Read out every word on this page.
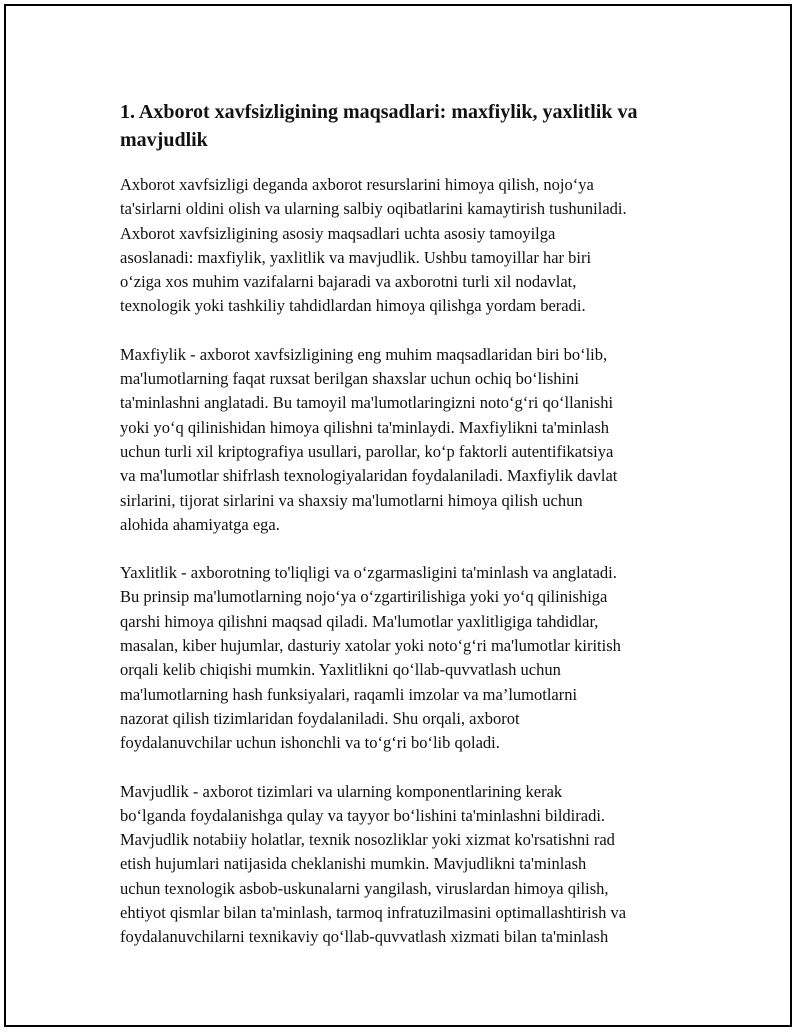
1. Axborot xavfsizligining maqsadlari: maxfiylik, yaxlitlik va mavjudlik

Axborot xavfsizligi deganda axborot resurslarini himoya qilish, nojo‘ya
ta'sirlarni oldini olish va ularning salbiy oqibatlarini kamaytirish tushuniladi.
Axborot xavfsizligining asosiy maqsadlari uchta asosiy tamoyilga
asoslanadi: maxfiylik, yaxlitlik va mavjudlik. Ushbu tamoyillar har biri
o‘ziga xos muhim vazifalarni bajaradi va axborotni turli xil nodavlat,
texnologik yoki tashkiliy tahdidlardan himoya qilishga yordam beradi.

Maxfiylik - axborot xavfsizligining eng muhim maqsadlaridan biri bo‘lib,
ma'lumotlarning faqat ruxsat berilgan shaxslar uchun ochiq bo‘lishini
ta'minlashni anglatadi. Bu tamoyil ma'lumotlaringizni noto‘g‘ri qo‘llanishi
yoki yo‘q qilinishidan himoya qilishni ta'minlaydi. Maxfiylikni ta'minlash
uchun turli xil kriptografiya usullari, parollar, ko‘p faktorli autentifikatsiya
va ma'lumotlar shifrlash texnologiyalaridan foydalaniladi. Maxfiylik davlat
sirlarini, tijorat sirlarini va shaxsiy ma'lumotlarni himoya qilish uchun
alohida ahamiyatga ega.

Yaxlitlik - axborotning to'liqligi va o‘zgarmasligini ta'minlash va anglatadi.
Bu prinsip ma'lumotlarning nojo‘ya o‘zgartirilishiga yoki yo‘q qilinishiga
qarshi himoya qilishni maqsad qiladi. Ma'lumotlar yaxlitligiga tahdidlar,
masalan, kiber hujumlar, dasturiy xatolar yoki noto‘g‘ri ma'lumotlar kiritish
orqali kelib chiqishi mumkin. Yaxlitlikni qo‘llab-quvvatlash uchun
ma'lumotlarning hash funksiyalari, raqamli imzolar va ma’lumotlarni
nazorat qilish tizimlaridan foydalaniladi. Shu orqali, axborot
foydalanuvchilar uchun ishonchli va to‘g‘ri bo‘lib qoladi.

Mavjudlik - axborot tizimlari va ularning komponentlarining kerak
bo‘lganda foydalanishga qulay va tayyor bo‘lishini ta'minlashni bildiradi.
Mavjudlik notabiiy holatlar, texnik nosozliklar yoki xizmat ko'rsatishni rad
etish hujumlari natijasida cheklanishi mumkin. Mavjudlikni ta'minlash
uchun texnologik asbob-uskunalarni yangilash, viruslardan himoya qilish,
ehtiyot qismlar bilan ta'minlash, tarmoq infratuzilmasini optimallashtirish va
foydalanuvchilarni texnikaviy qo‘llab-quvvatlash xizmati bilan ta'minlash
